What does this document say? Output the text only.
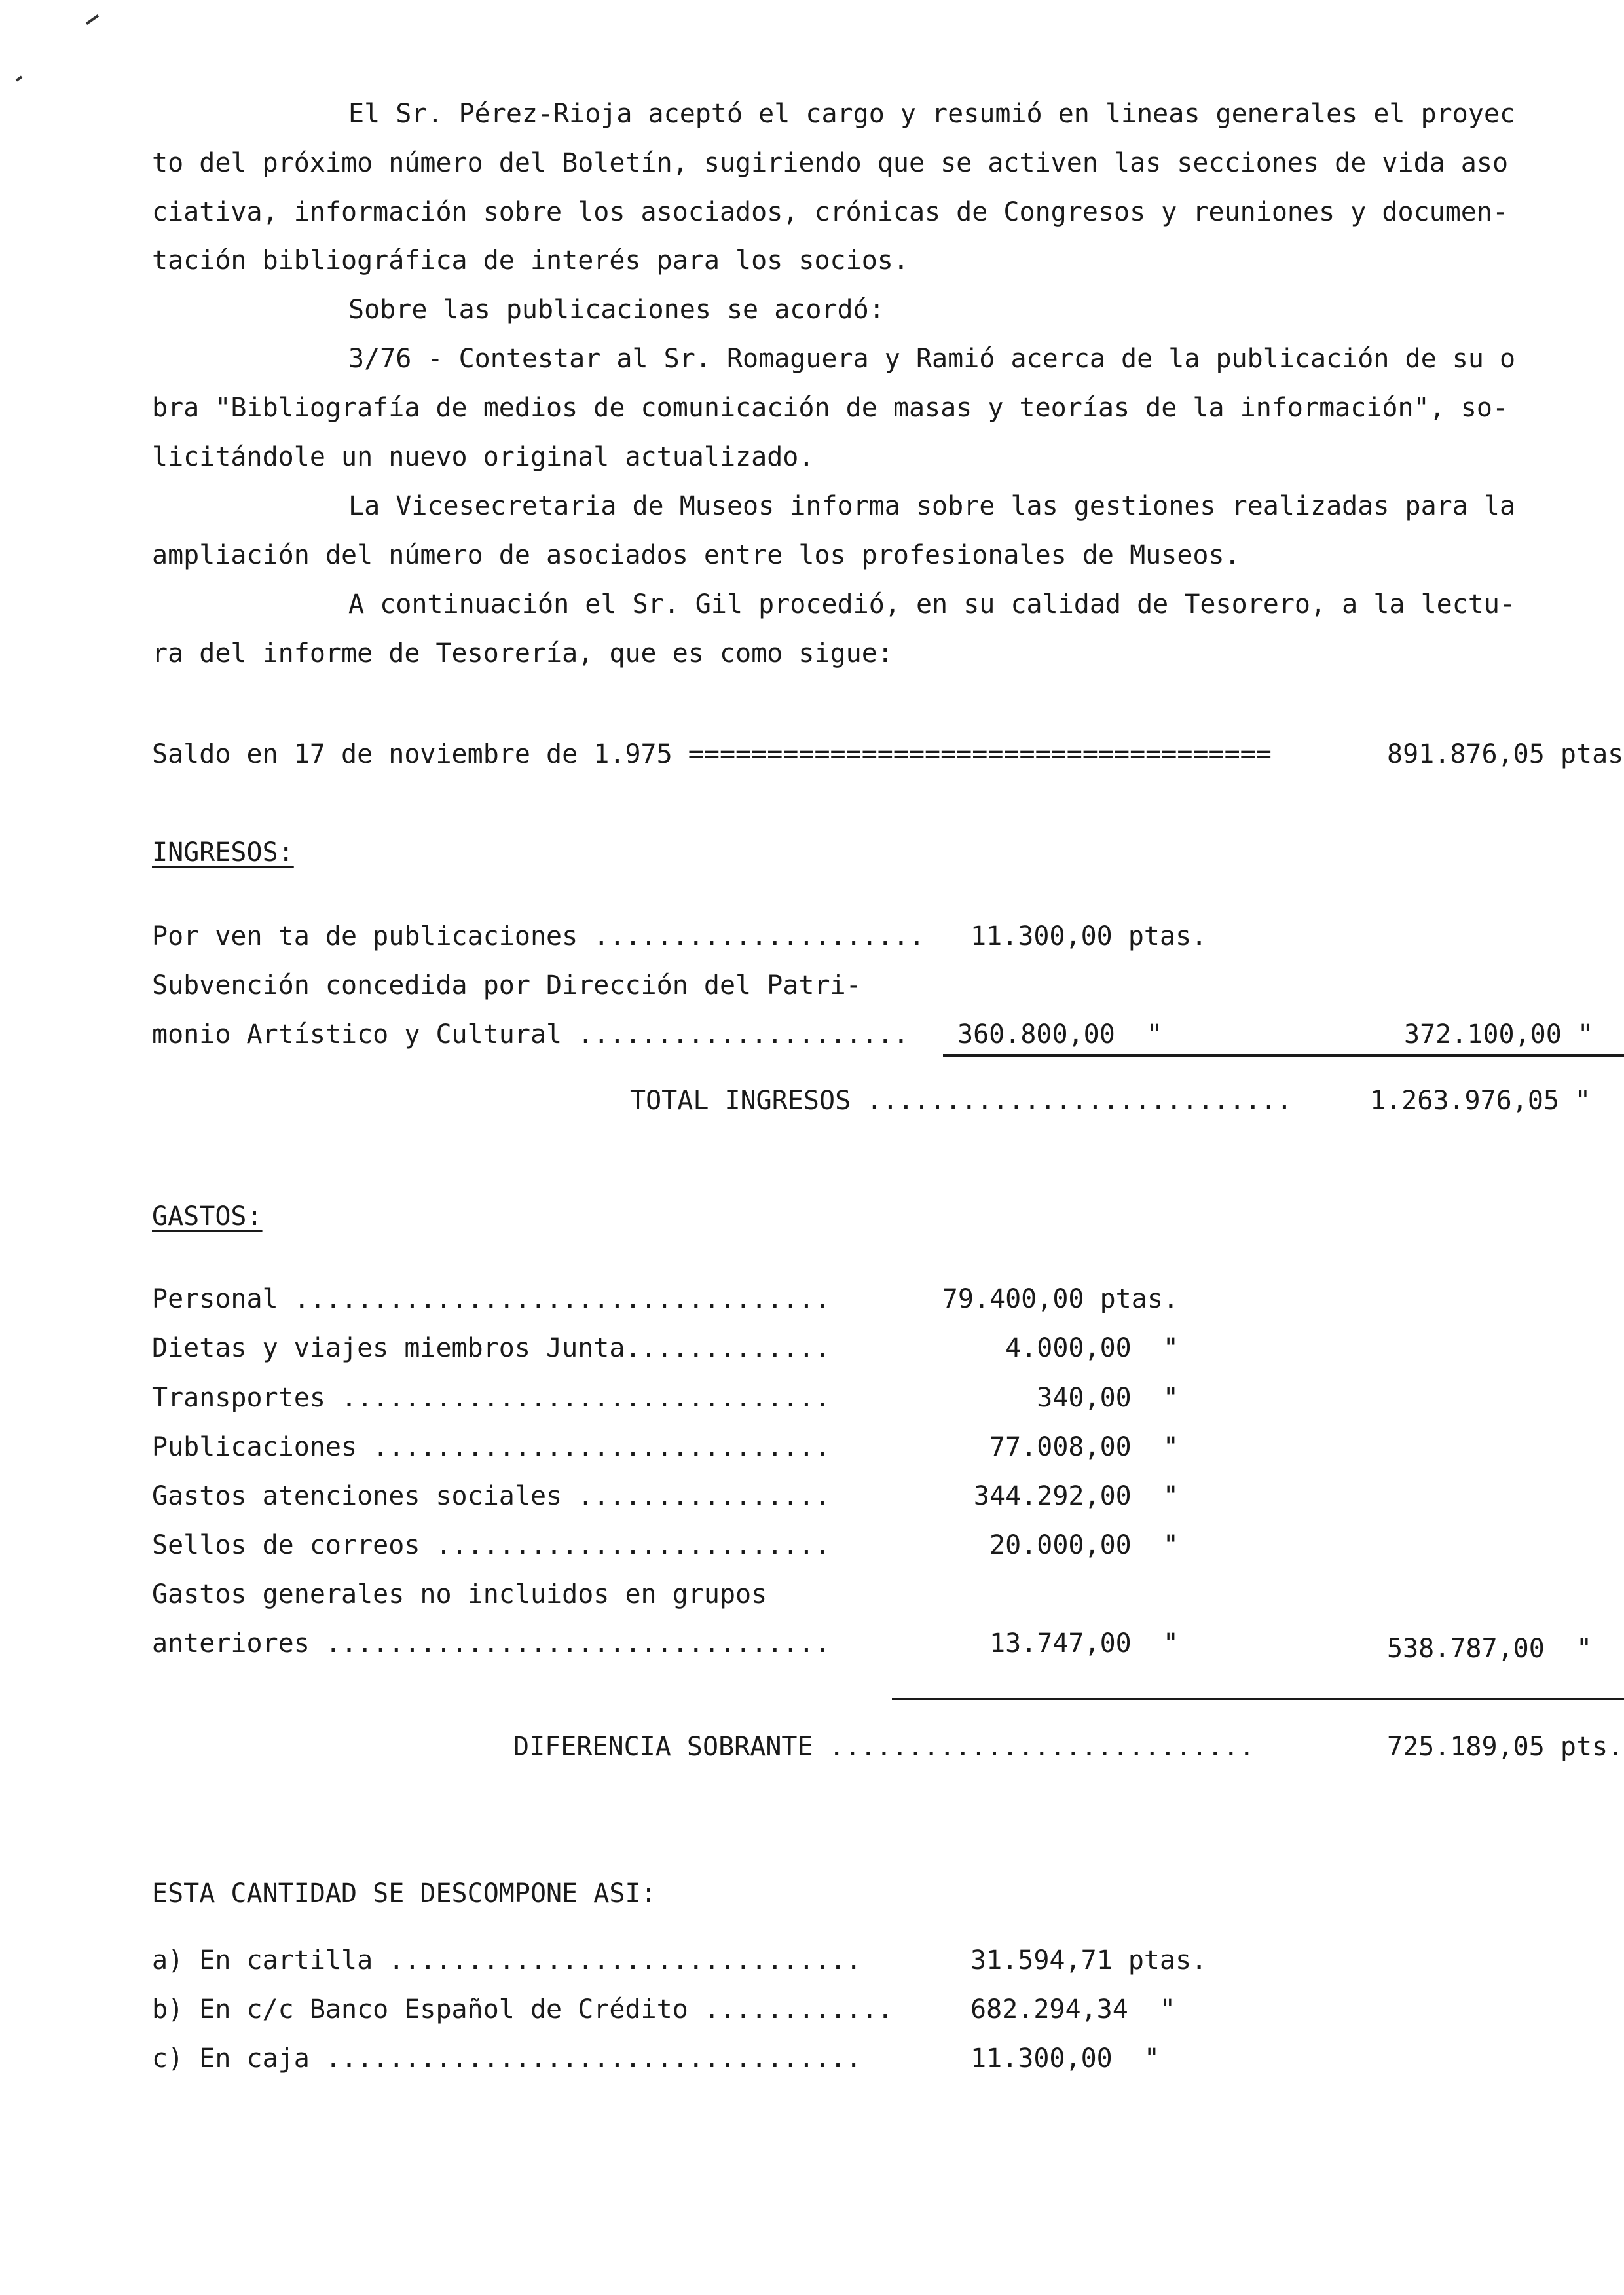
El Sr. Pérez-Rioja aceptó el cargo y resumió en lineas generales el proyec
to del próximo número del Boletín, sugiriendo que se activen las secciones de vida aso
ciativa, información sobre los asociados, crónicas de Congresos y reuniones y documen-
tación bibliográfica de interés para los socios.
Sobre las publicaciones se acordó:
3/76 - Contestar al Sr. Romaguera y Ramió acerca de la publicación de su o
bra "Bibliografía de medios de comunicación de masas y teorías de la información", so-
licitándole un nuevo original actualizado.
La Vicesecretaria de Museos informa sobre las gestiones realizadas para la
ampliación del número de asociados entre los profesionales de Museos.
A continuación el Sr. Gil procedió, en su calidad de Tesorero, a la lectu-
ra del informe de Tesorería, que es como sigue:
Saldo en 17 de noviembre de 1.975 =====================================	891.876,05 ptas
INGRESOS:
Por ven ta de publicaciones .....................	11.300,00 ptas.
Subvención concedida por Dirección del Patri-
monio Artístico y Cultural .....................	360.800,00  "	372.100,00 "
TOTAL INGRESOS ...........................	1.263.976,05 "
GASTOS:
Personal ..................................	79.400,00 ptas.
Dietas y viajes miembros Junta.............	4.000,00  "
Transportes ...............................	340,00  "
Publicaciones .............................	77.008,00  "
Gastos atenciones sociales ................	344.292,00  "
Sellos de correos .........................	20.000,00  "
Gastos generales no incluidos en grupos
anteriores ................................	13.747,00  "	538.787,00  "
DIFERENCIA SOBRANTE ...........................	725.189,05 pts.
ESTA CANTIDAD SE DESCOMPONE ASI:
a) En cartilla ..............................	31.594,71 ptas.
b) En c/c Banco Español de Crédito ............	682.294,34  "
c) En caja ..................................	11.300,00  "
